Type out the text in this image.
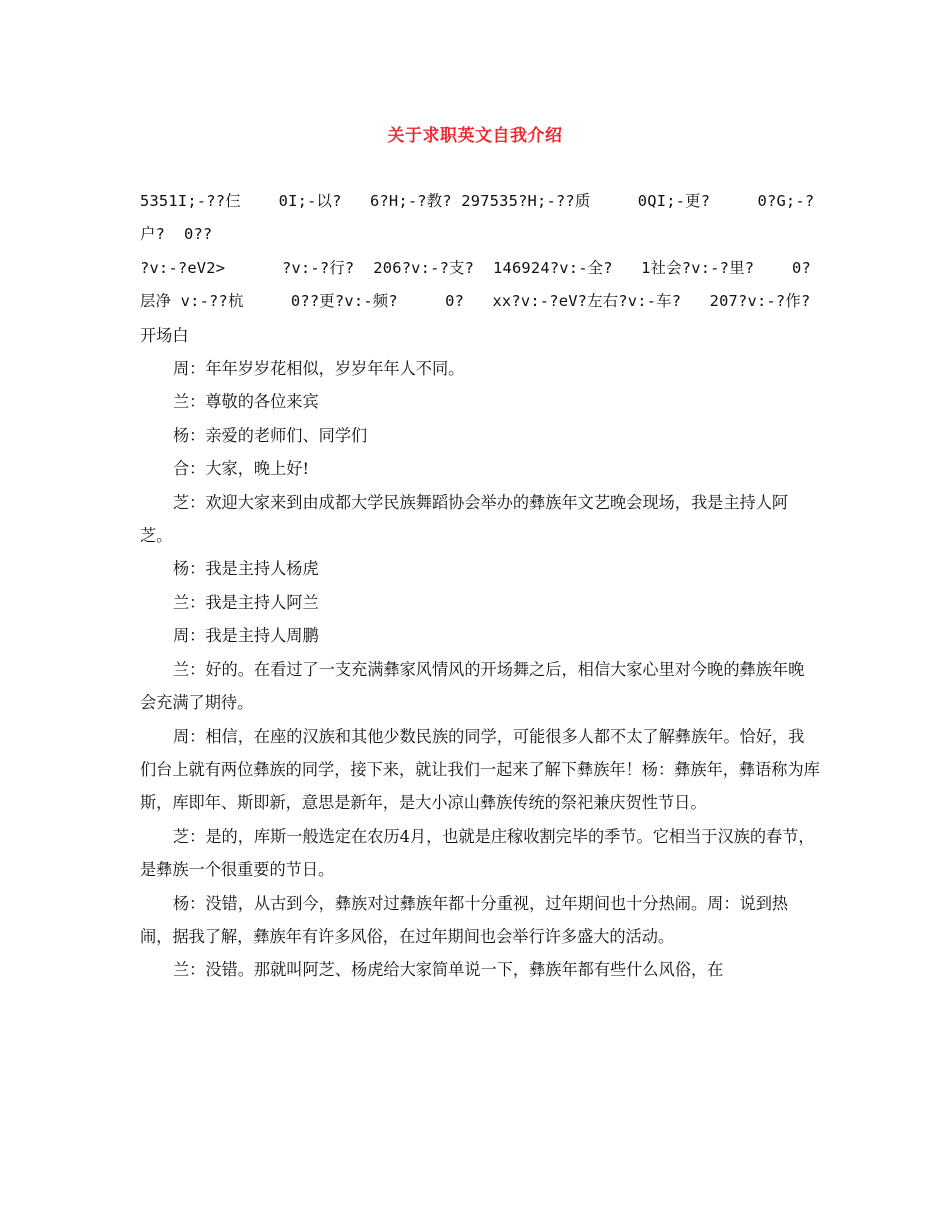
关于求职英文自我介绍

5351I;-??仨    0I;-以?   6?H;-?教? 297535?H;-??质     0QI;-更?     0?G;-?户?  0??

?v:-?eV2>      ?v:-?行?  206?v:-?支?  146924?v:-全?   1社会?v:-?里?    0?层净 v:-??杭     0??更?v:-频?     0?   xx?v:-?eV?左右?v:-车?   207?v:-?作?

开场白

周：年年岁岁花相似，岁岁年年人不同。

兰：尊敬的各位来宾

杨：亲爱的老师们、同学们

合：大家，晚上好!

芝：欢迎大家来到由成都大学民族舞蹈协会举办的彝族年文艺晚会现场，我是主持人阿芝。

杨：我是主持人杨虎

兰：我是主持人阿兰

周：我是主持人周鹏

兰：好的。在看过了一支充满彝家风情风的开场舞之后，相信大家心里对今晚的彝族年晚会充满了期待。

周：相信，在座的汉族和其他少数民族的同学，可能很多人都不太了解彝族年。恰好，我们台上就有两位彝族的同学，接下来，就让我们一起来了解下彝族年！杨：彝族年，彝语称为库斯，库即年、斯即新，意思是新年，是大小凉山彝族传统的祭祀兼庆贺性节日。

芝：是的，库斯一般选定在农历4月，也就是庄稼收割完毕的季节。它相当于汉族的春节，是彝族一个很重要的节日。

杨：没错，从古到今，彝族对过彝族年都十分重视，过年期间也十分热闹。周：说到热闹，据我了解，彝族年有许多风俗，在过年期间也会举行许多盛大的活动。

兰：没错。那就叫阿芝、杨虎给大家简单说一下，彝族年都有些什么风俗，在
